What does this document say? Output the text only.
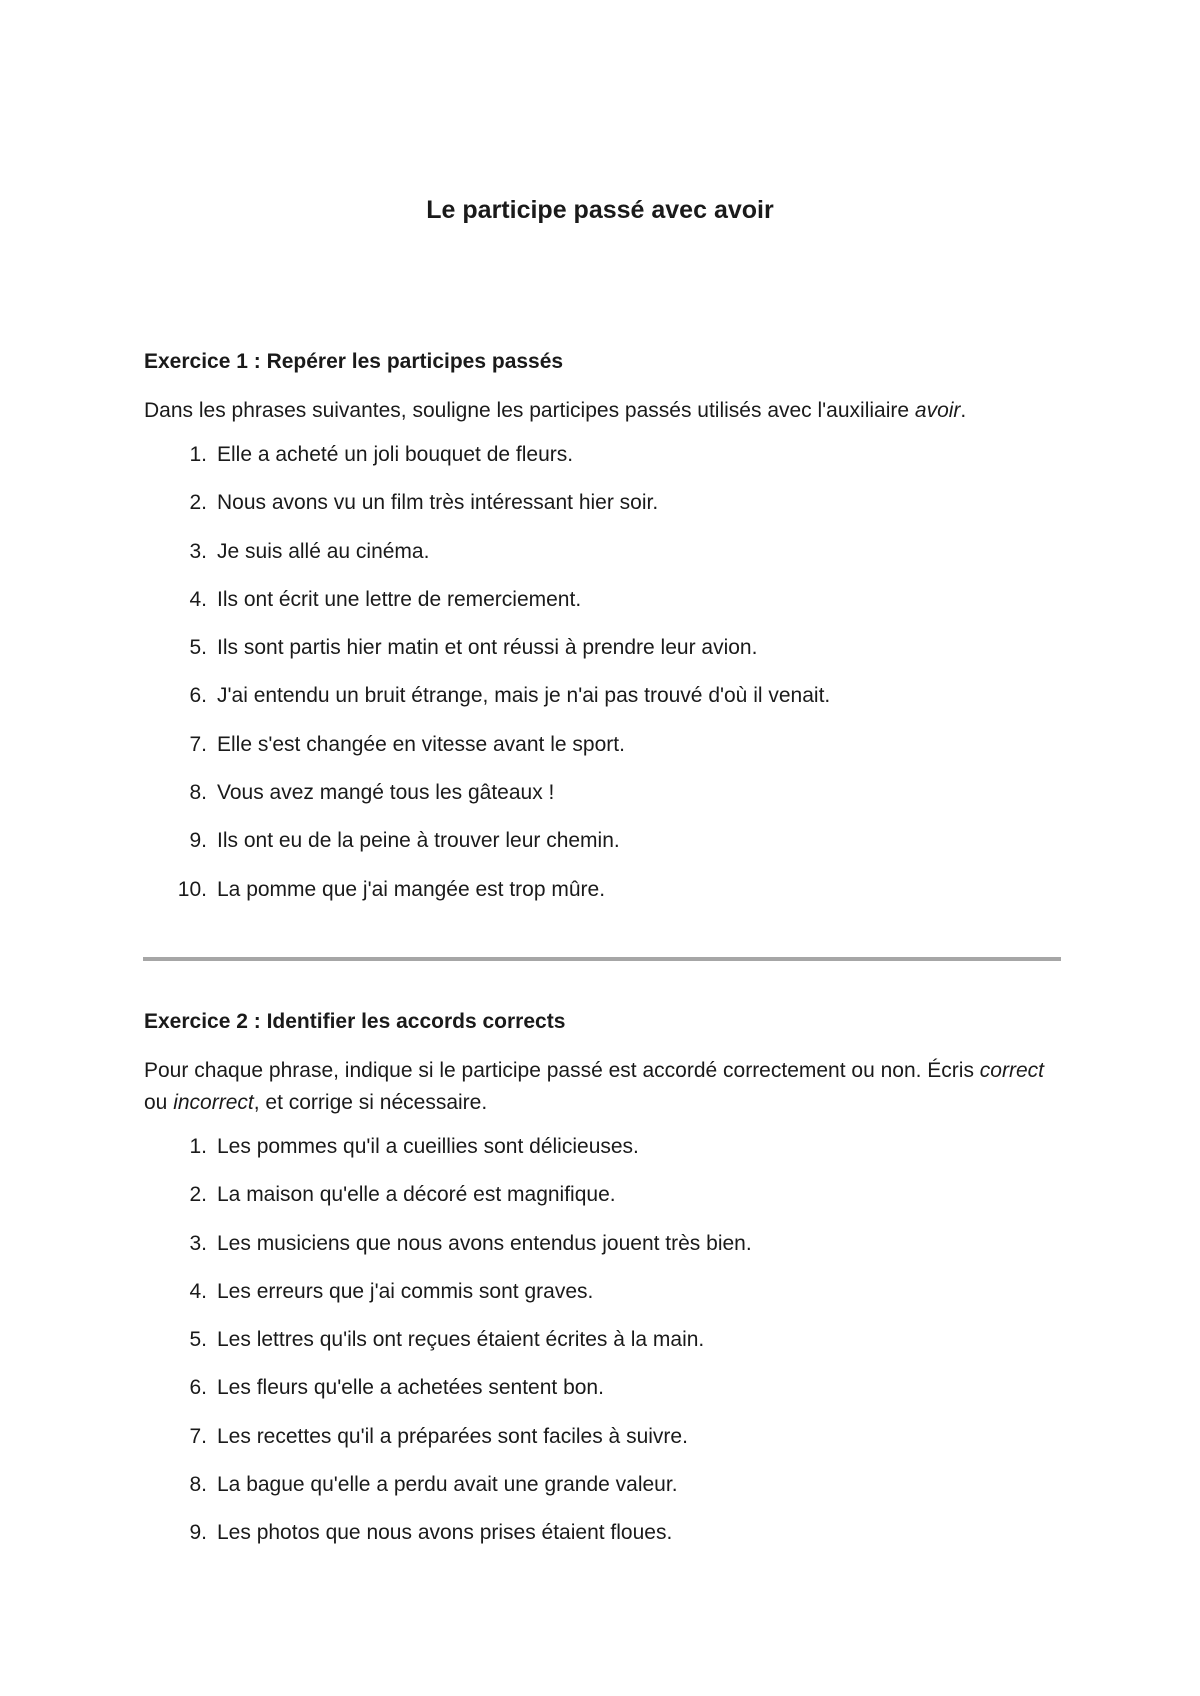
Le participe passé avec avoir
Exercice 1 : Repérer les participes passés

Dans les phrases suivantes, souligne les participes passés utilisés avec l'auxiliaire avoir.

1. Elle a acheté un joli bouquet de fleurs.
2. Nous avons vu un film très intéressant hier soir.
3. Je suis allé au cinéma.
4. Ils ont écrit une lettre de remerciement.
5. Ils sont partis hier matin et ont réussi à prendre leur avion.
6. J'ai entendu un bruit étrange, mais je n'ai pas trouvé d'où il venait.
7. Elle s'est changée en vitesse avant le sport.
8. Vous avez mangé tous les gâteaux !
9. Ils ont eu de la peine à trouver leur chemin.
10. La pomme que j'ai mangée est trop mûre.
Exercice 2 : Identifier les accords corrects

Pour chaque phrase, indique si le participe passé est accordé correctement ou non. Écris correct ou incorrect, et corrige si nécessaire.

1. Les pommes qu'il a cueillies sont délicieuses.
2. La maison qu'elle a décoré est magnifique.
3. Les musiciens que nous avons entendus jouent très bien.
4. Les erreurs que j'ai commis sont graves.
5. Les lettres qu'ils ont reçues étaient écrites à la main.
6. Les fleurs qu'elle a achetées sentent bon.
7. Les recettes qu'il a préparées sont faciles à suivre.
8. La bague qu'elle a perdu avait une grande valeur.
9. Les photos que nous avons prises étaient floues.
